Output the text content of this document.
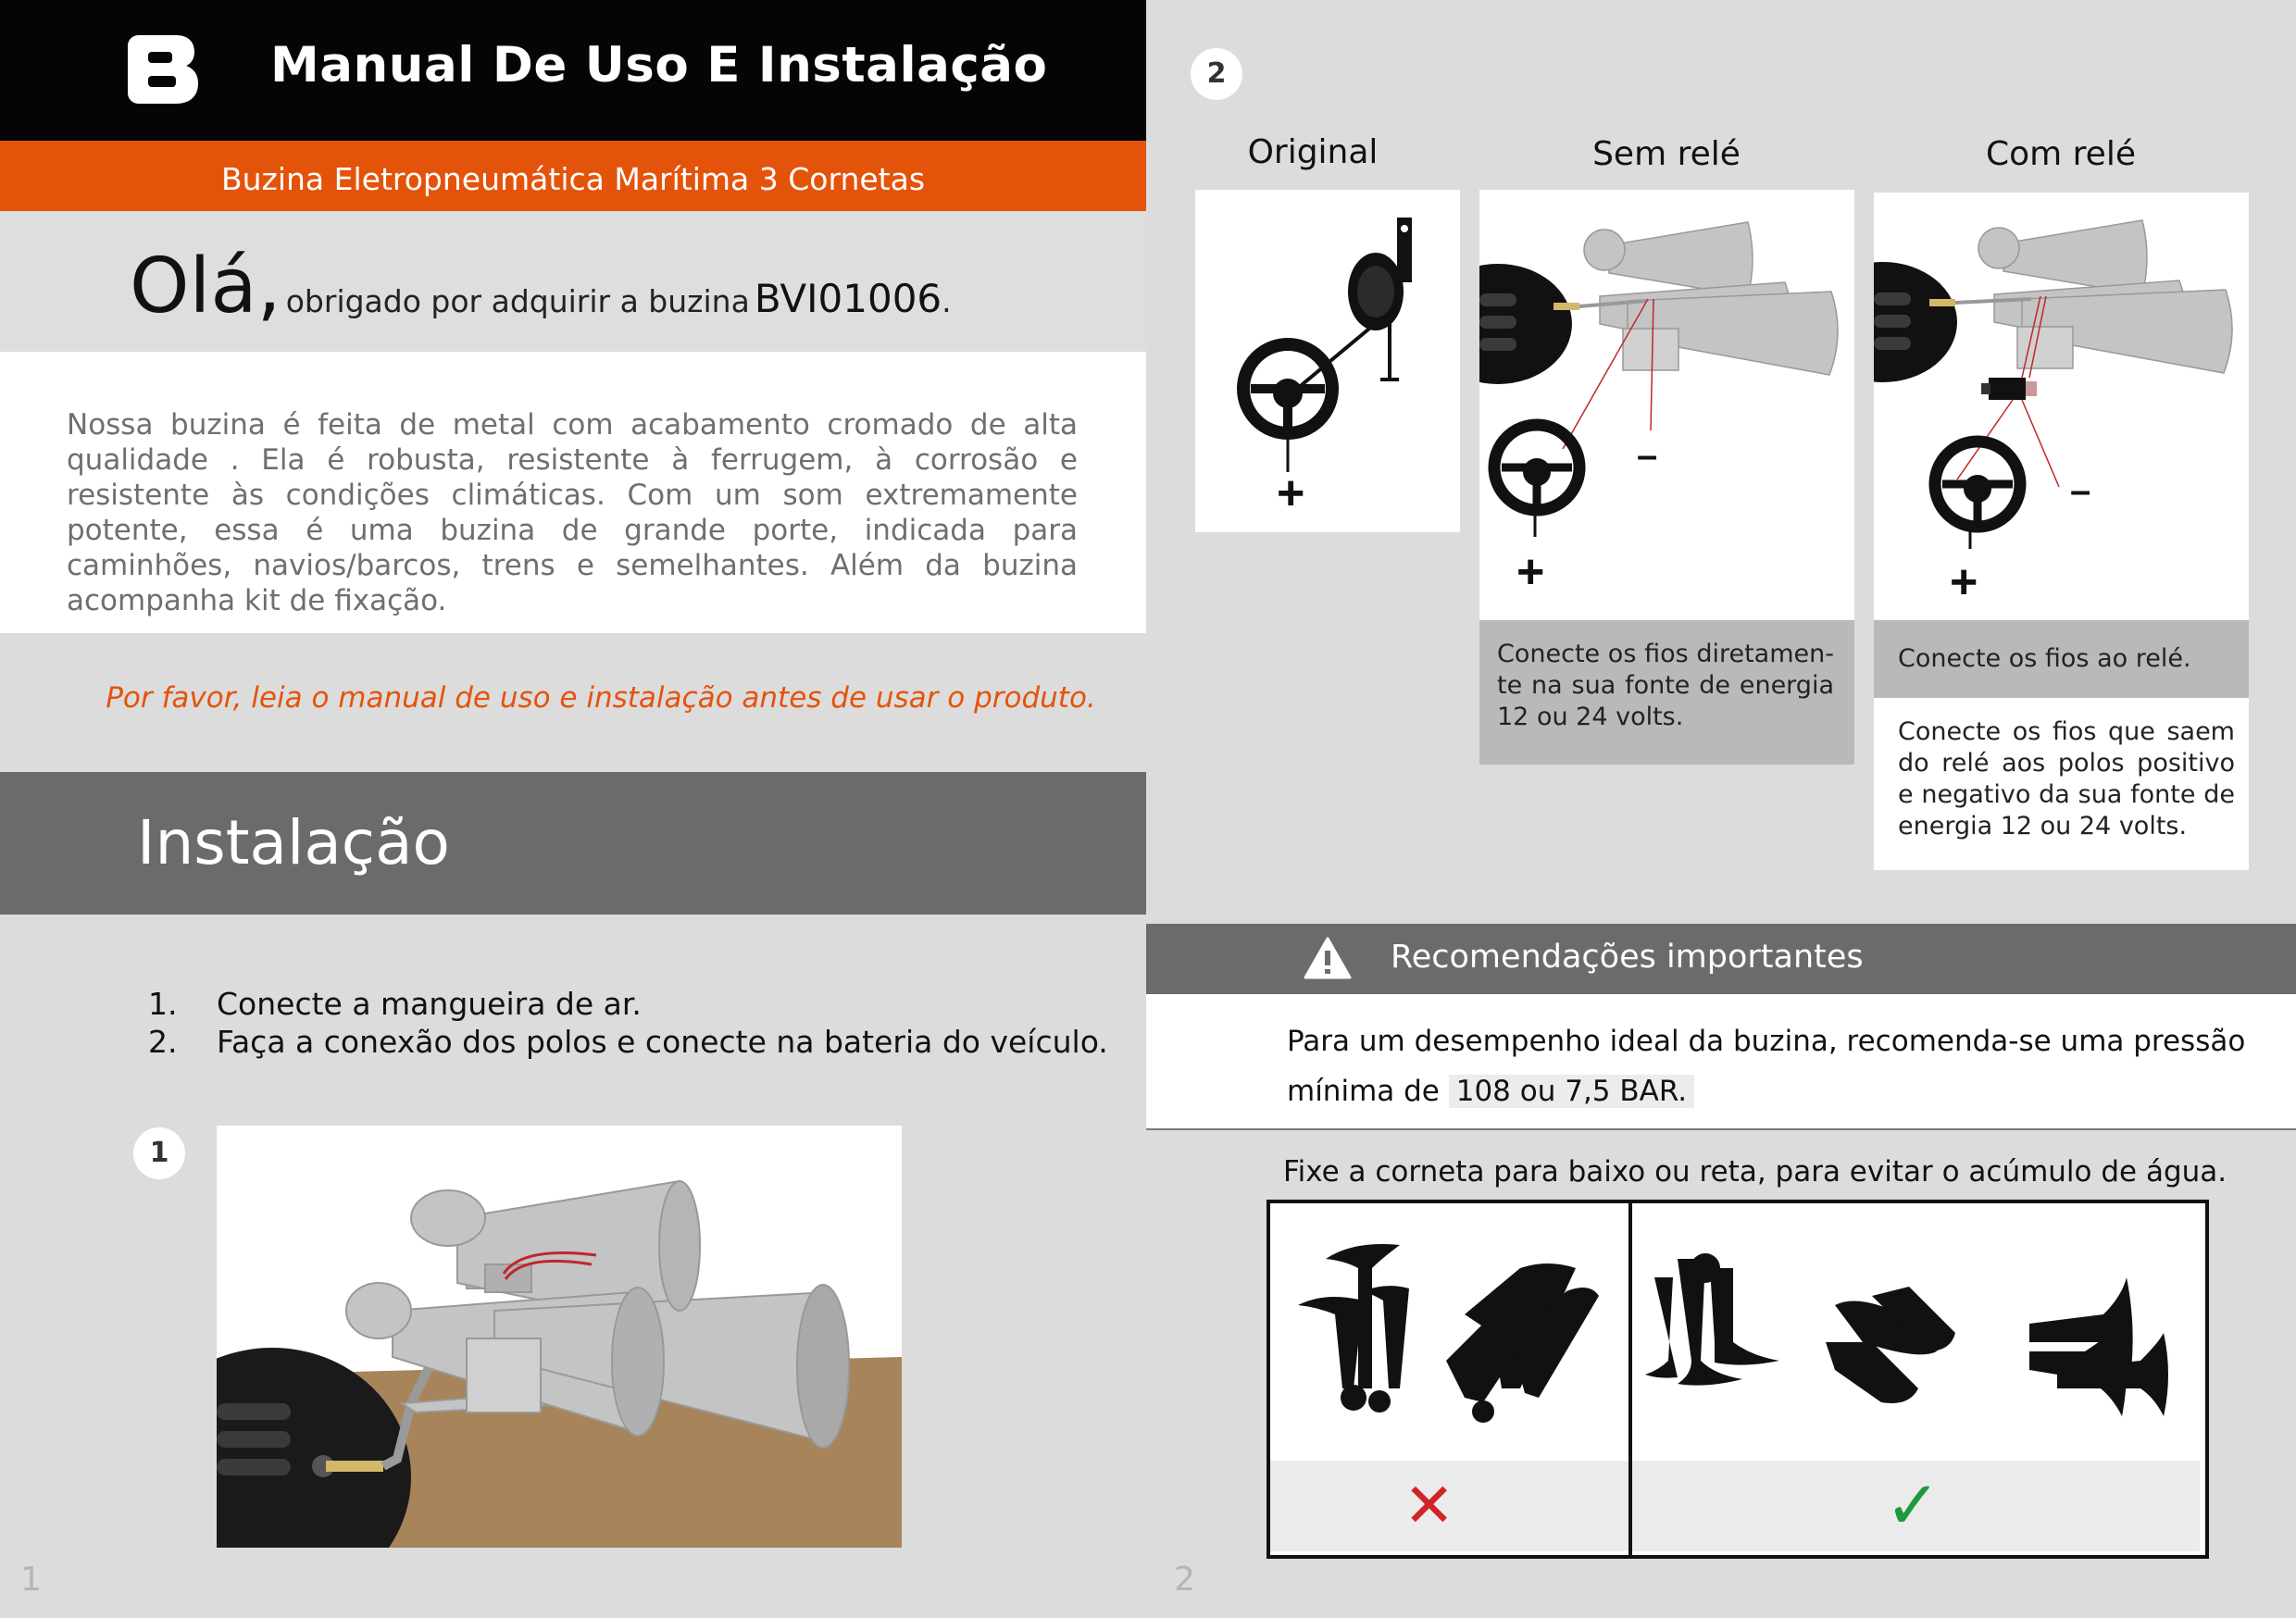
Manual De Uso E Instalação
Buzina Eletropneumática Marítima 3 Cornetas
Olá, obrigado por adquirir a buzina BVI01006.
Nossa buzina é feita de metal com acabamento cromado de alta qualidade . Ela é robusta, resistente à ferrugem, à corrosão e resistente às condições climáticas. Com um som extremamente potente, essa é uma buzina de grande porte, indicada para caminhões, navios/barcos, trens e semelhantes. Além da buzina acompanha kit de fixação.
Por favor, leia o manual de uso e instalação antes de usar o produto.
Instalação
1. Conecte a mangueira de ar.
2. Faça a conexão dos polos e conecte na bateria do veículo.
1
1
2
Original	Sem relé	Com relé
+
+
–
Conecte os fios diretamen-te na sua fonte de energia 12 ou 24 volts.
+
–
Conecte os fios ao relé.
Conecte os fios que saem do relé aos polos positivo e negativo da sua fonte de energia 12 ou 24 volts.
Recomendações importantes
Para um desempenho ideal da buzina, recomenda-se uma pressão mínima de 108 ou 7,5 BAR.
Fixe a corneta para baixo ou reta, para evitar o acúmulo de água.
✕	✓
2
